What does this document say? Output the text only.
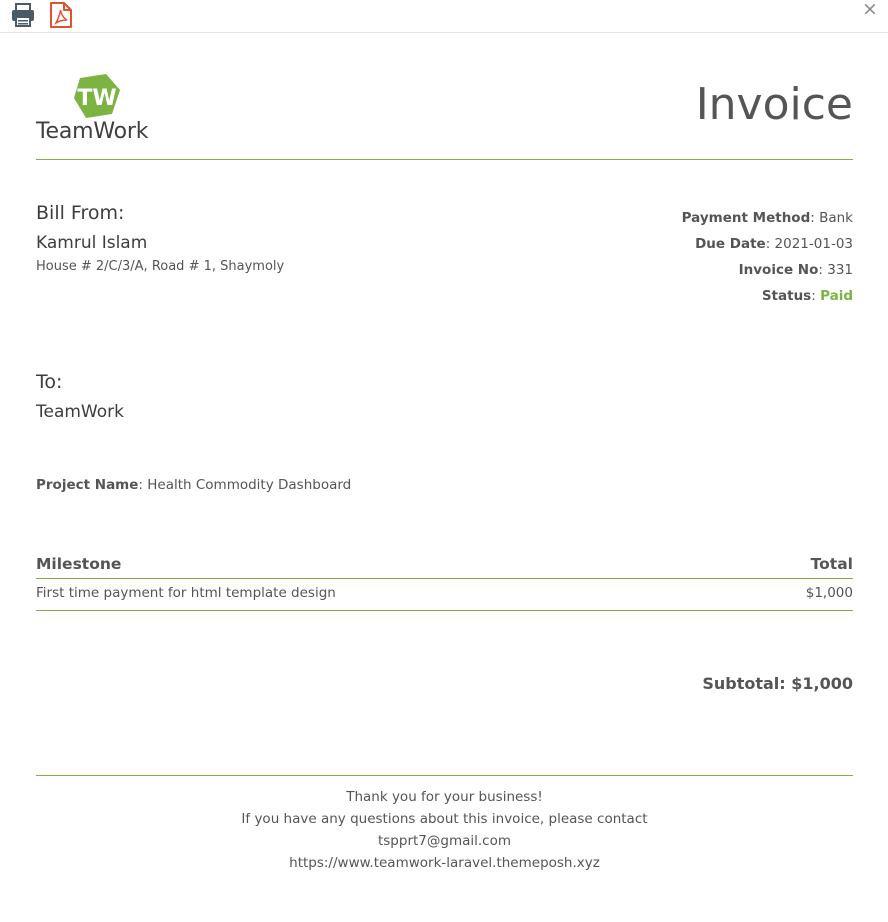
×
TW
TeamWork
Invoice
Bill From:
Kamrul Islam
House # 2/C/3/A, Road # 1, Shaymoly
Payment Method: Bank
Due Date: 2021-01-03
Invoice No: 331
Status: Paid
To:
TeamWork
Project Name: Health Commodity Dashboard
Milestone	Total
First time payment for html template design	$1,000
Subtotal: $1,000
Thank you for your business!
If you have any questions about this invoice, please contact
tspprt7@gmail.com
https://www.teamwork-laravel.themeposh.xyz
